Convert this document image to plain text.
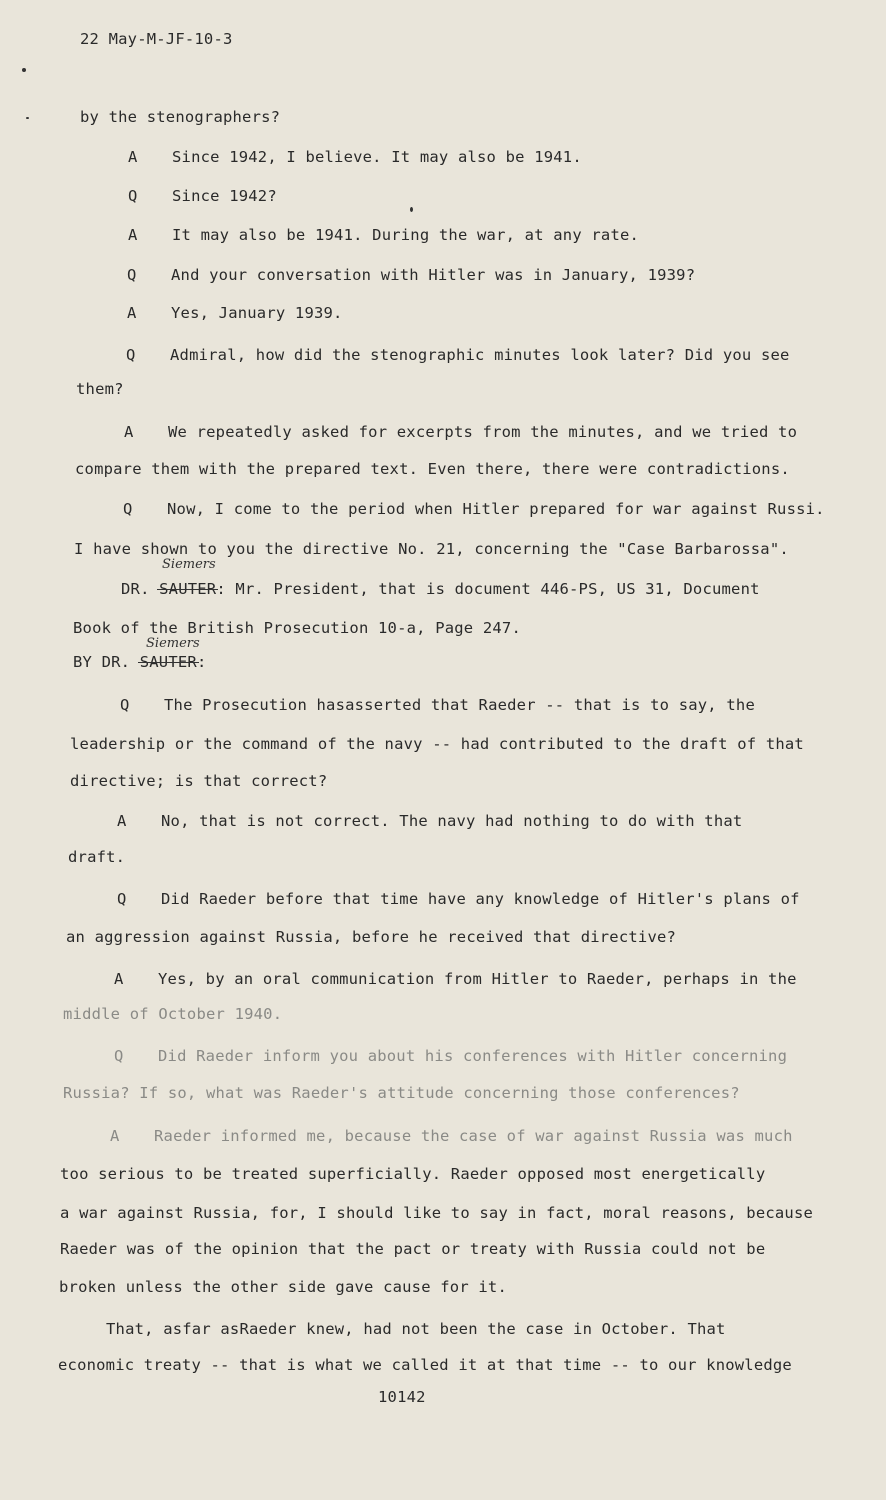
22 May-M-JF-10-3
by the stenographers?
A Since 1942, I believe. It may also be 1941.
Q Since 1942?
A It may also be 1941. During the war, at any rate.
Q And your conversation with Hitler was in January, 1939?
A Yes, January 1939.
Q Admiral, how did the stenographic minutes look later? Did you see
them?
A We repeatedly asked for excerpts from the minutes, and we tried to
compare them with the prepared text. Even there, there were contradictions.
Q Now, I come to the period when Hitler prepared for war against Russi.
I have shown to you the directive No. 21, concerning the "Case Barbarossa".
Siemers
DR. SAUTER: Mr. President, that is document 446-PS, US 31, Document
Book of the British Prosecution 10-a, Page 247.
Siemers
BY DR. SAUTER:
Q The Prosecution hasasserted that Raeder -- that is to say, the
leadership or the command of the navy -- had contributed to the draft of that
directive; is that correct?
A No, that is not correct. The navy had nothing to do with that
draft.
Q Did Raeder before that time have any knowledge of Hitler's plans of
an aggression against Russia, before he received that directive?
A Yes, by an oral communication from Hitler to Raeder, perhaps in the
middle of October 1940.
Q Did Raeder inform you about his conferences with Hitler concerning
Russia? If so, what was Raeder's attitude concerning those conferences?
A Raeder informed me, because the case of war against Russia was much
too serious to be treated superficially. Raeder opposed most energetically
a war against Russia, for, I should like to say in fact, moral reasons, because
Raeder was of the opinion that the pact or treaty with Russia could not be
broken unless the other side gave cause for it.
That, asfar asRaeder knew, had not been the case in October. That
economic treaty -- that is what we called it at that time -- to our knowledge
10142
